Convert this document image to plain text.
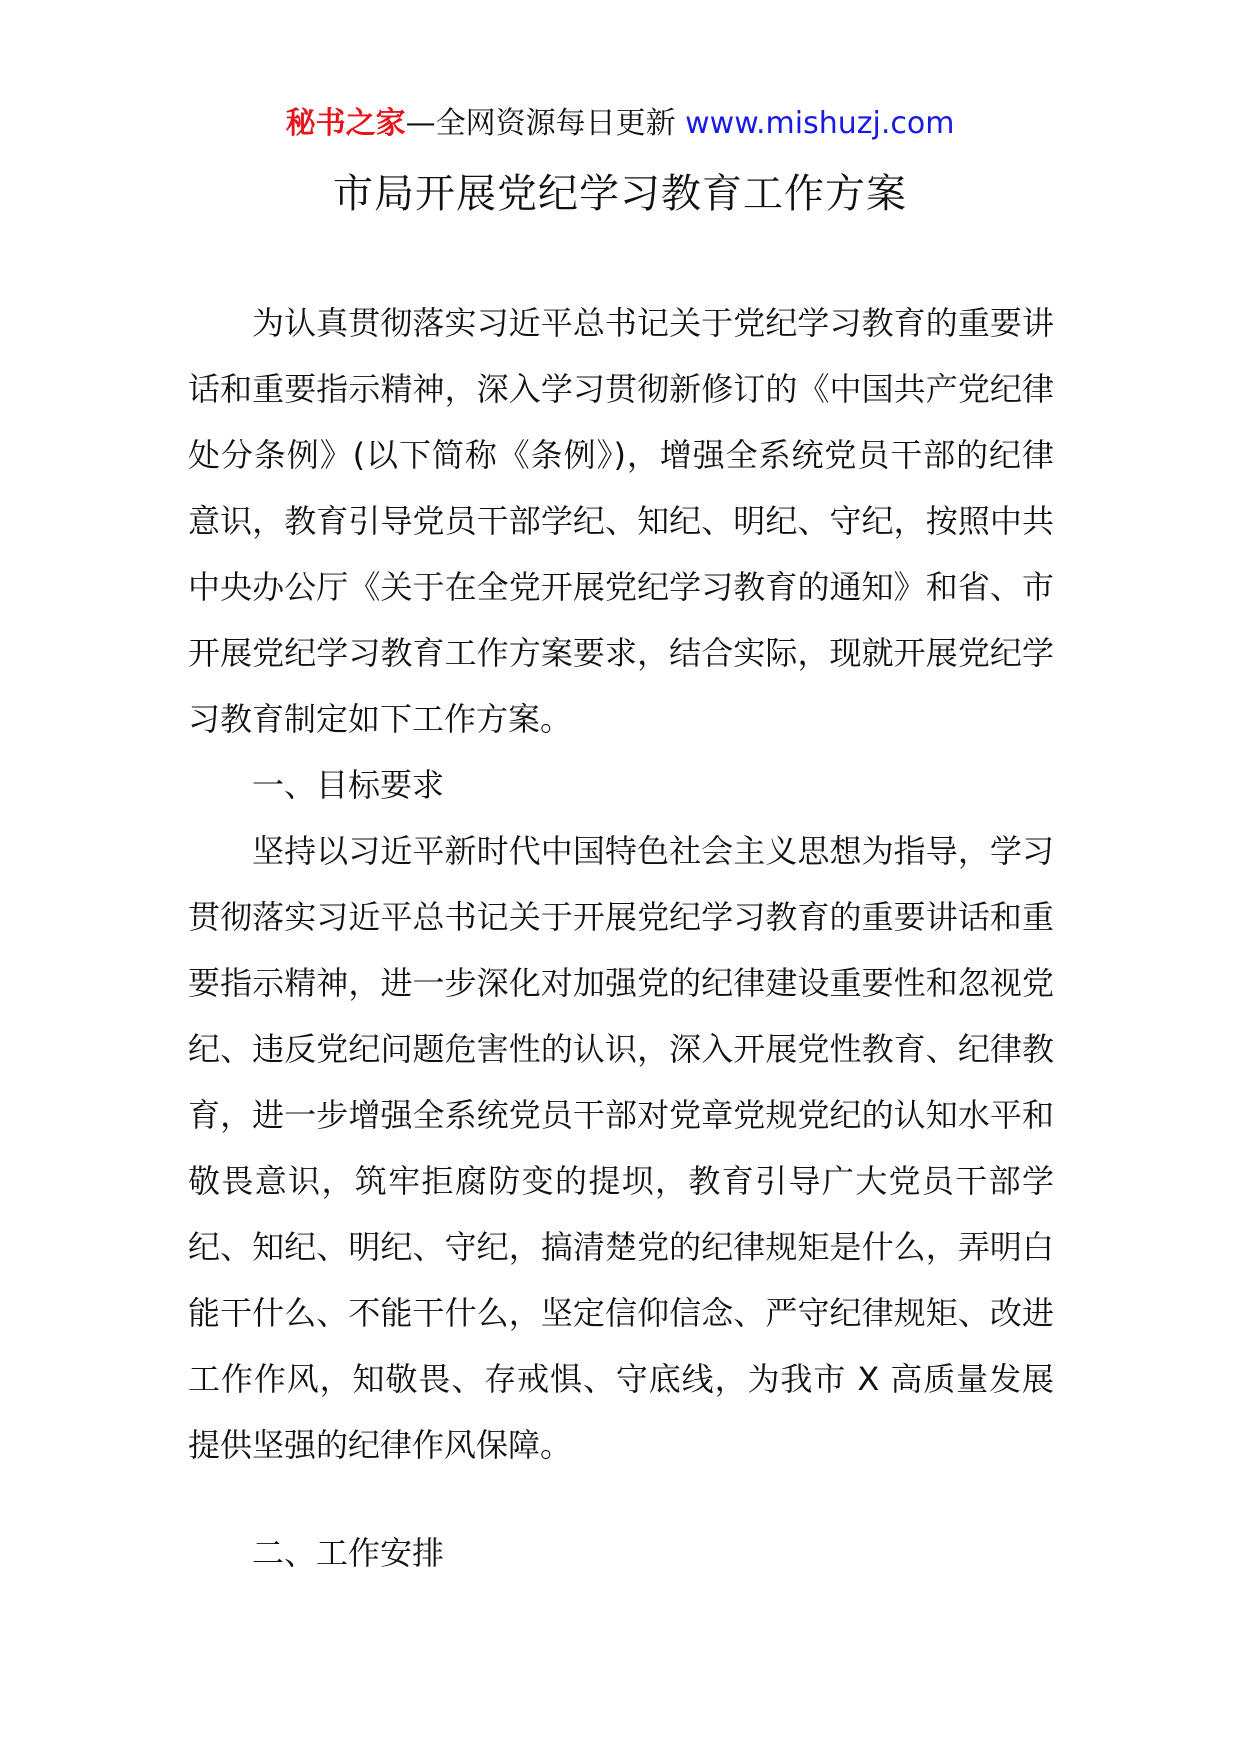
秘书之家—全网资源每日更新 www.mishuzj.com
市局开展党纪学习教育工作方案

为认真贯彻落实习近平总书记关于党纪学习教育的重要讲话和重要指示精神，深入学习贯彻新修订的《中国共产党纪律处分条例》(以下简称《条例》)，增强全系统党员干部的纪律意识，教育引导党员干部学纪、知纪、明纪、守纪，按照中共中央办公厅《关于在全党开展党纪学习教育的通知》和省、市开展党纪学习教育工作方案要求，结合实际，现就开展党纪学习教育制定如下工作方案。

一、目标要求

坚持以习近平新时代中国特色社会主义思想为指导，学习贯彻落实习近平总书记关于开展党纪学习教育的重要讲话和重要指示精神，进一步深化对加强党的纪律建设重要性和忽视党纪、违反党纪问题危害性的认识，深入开展党性教育、纪律教育，进一步增强全系统党员干部对党章党规党纪的认知水平和敬畏意识，筑牢拒腐防变的提坝，教育引导广大党员干部学纪、知纪、明纪、守纪，搞清楚党的纪律规矩是什么，弄明白能干什么、不能干什么，坚定信仰信念、严守纪律规矩、改进工作作风，知敬畏、存戒惧、守底线，为我市 X 高质量发展提供坚强的纪律作风保障。

二、工作安排
